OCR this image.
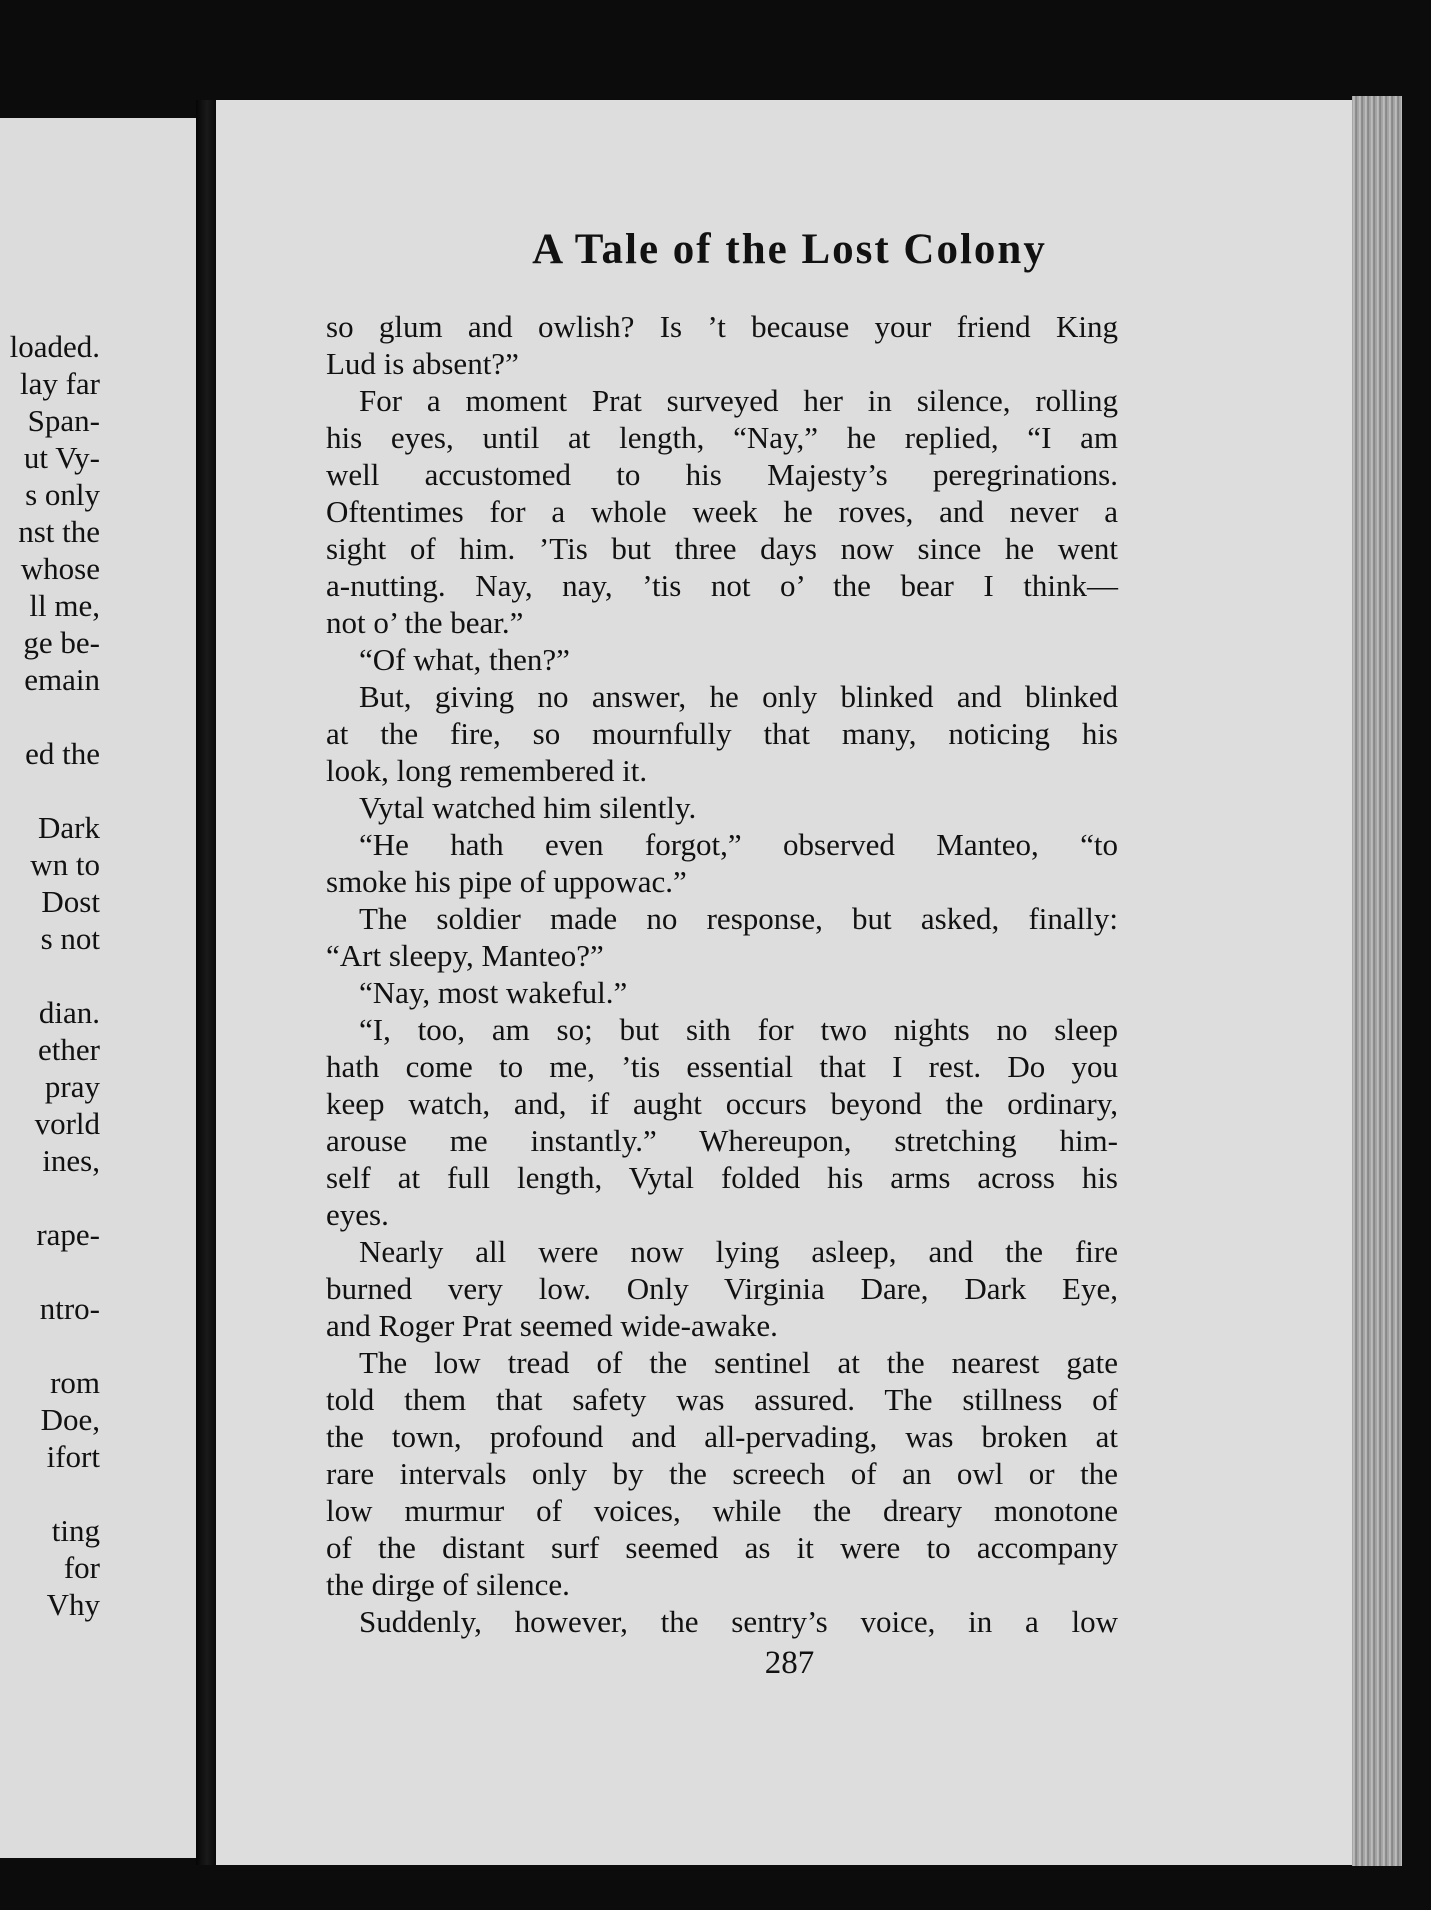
loaded.
lay far
Span-
ut Vy-
s only
nst the
whose
ll me,
ge be-
emain
ed the
Dark
wn to
Dost
s not
dian.
ether
pray
vorld
ines,
rape-
ntro-
rom
Doe,
ifort
ting
for
Vhy
A Tale of the Lost Colony
so glum and owlish? Is ’t because your friend King
Lud is absent?”
For a moment Prat surveyed her in silence, rolling
his eyes, until at length, “Nay,” he replied, “I am
well accustomed to his Majesty’s peregrinations.
Oftentimes for a whole week he roves, and never a
sight of him. ’Tis but three days now since he went
a-nutting. Nay, nay, ’tis not o’ the bear I think—
not o’ the bear.”
“Of what, then?”
But, giving no answer, he only blinked and blinked
at the fire, so mournfully that many, noticing his
look, long remembered it.
Vytal watched him silently.
“He hath even forgot,” observed Manteo, “to
smoke his pipe of uppowac.”
The soldier made no response, but asked, finally:
“Art sleepy, Manteo?”
“Nay, most wakeful.”
“I, too, am so; but sith for two nights no sleep
hath come to me, ’tis essential that I rest. Do you
keep watch, and, if aught occurs beyond the ordinary,
arouse me instantly.” Whereupon, stretching him-
self at full length, Vytal folded his arms across his
eyes.
Nearly all were now lying asleep, and the fire
burned very low. Only Virginia Dare, Dark Eye,
and Roger Prat seemed wide-awake.
The low tread of the sentinel at the nearest gate
told them that safety was assured. The stillness of
the town, profound and all-pervading, was broken at
rare intervals only by the screech of an owl or the
low murmur of voices, while the dreary monotone
of the distant surf seemed as it were to accompany
the dirge of silence.
Suddenly, however, the sentry’s voice, in a low
287
